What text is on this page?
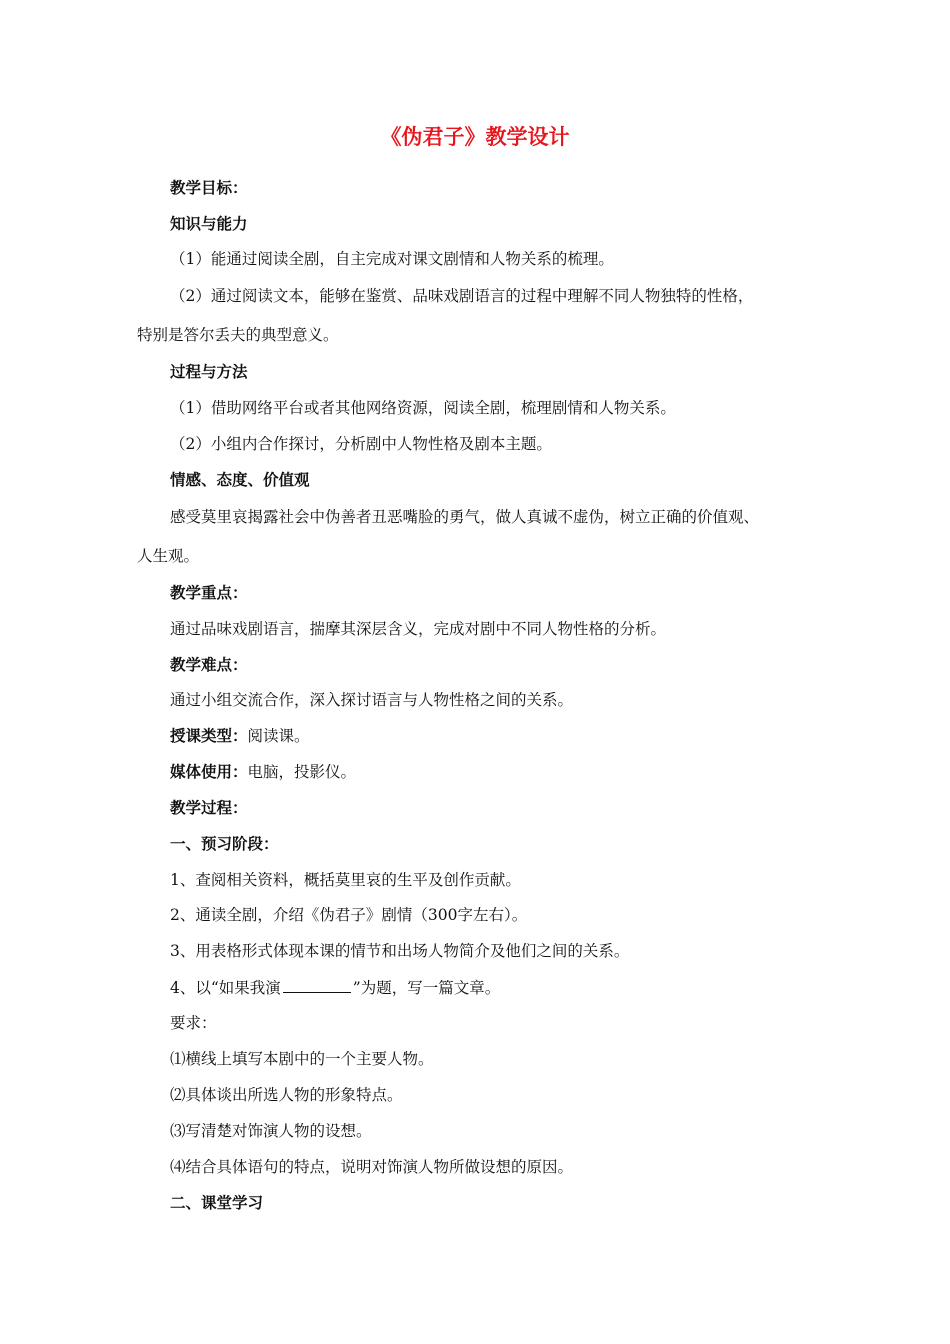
《伪君子》教学设计
教学目标：
知识与能力
（1）能通过阅读全剧，自主完成对课文剧情和人物关系的梳理。
（2）通过阅读文本，能够在鉴赏、品味戏剧语言的过程中理解不同人物独特的性格，
特别是答尔丢夫的典型意义。
过程与方法
（1）借助网络平台或者其他网络资源，阅读全剧，梳理剧情和人物关系。
（2）小组内合作探讨，分析剧中人物性格及剧本主题。
情感、态度、价值观
感受莫里哀揭露社会中伪善者丑恶嘴脸的勇气，做人真诚不虚伪，树立正确的价值观、
人生观。
教学重点：
通过品味戏剧语言，揣摩其深层含义，完成对剧中不同人物性格的分析。
教学难点：
通过小组交流合作，深入探讨语言与人物性格之间的关系。
授课类型：阅读课。
媒体使用：电脑，投影仪。
教学过程：
一、预习阶段：
1、查阅相关资料，概括莫里哀的生平及创作贡献。
2、通读全剧，介绍《伪君子》剧情（300字左右）。
3、用表格形式体现本课的情节和出场人物简介及他们之间的关系。
4、以“如果我演	”为题，写一篇文章。
要求：
⑴横线上填写本剧中的一个主要人物。
⑵具体谈出所选人物的形象特点。
⑶写清楚对饰演人物的设想。
⑷结合具体语句的特点，说明对饰演人物所做设想的原因。
二、课堂学习
